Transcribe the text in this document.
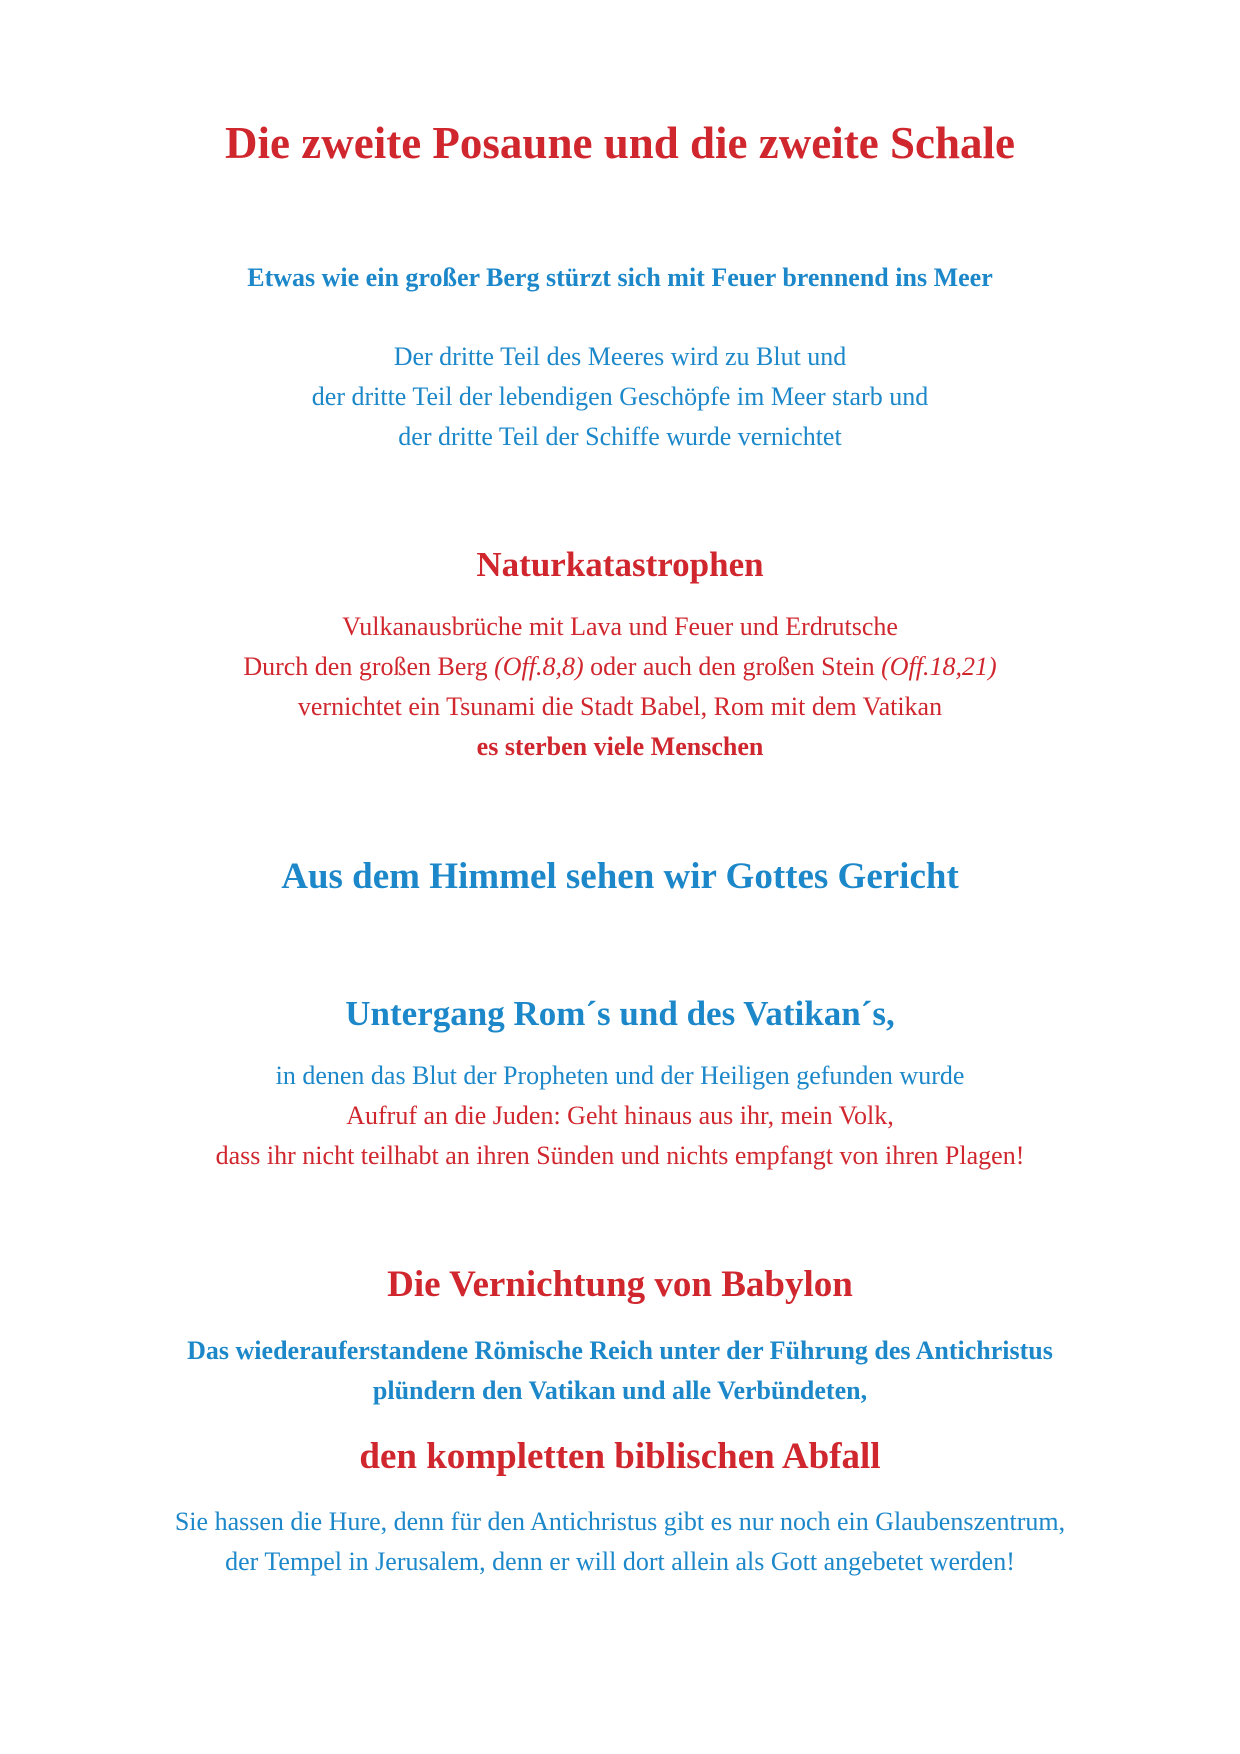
Die zweite Posaune und die zweite Schale
Etwas wie ein großer Berg stürzt sich mit Feuer brennend ins Meer
Der dritte Teil des Meeres wird zu Blut und
der dritte Teil der lebendigen Geschöpfe im Meer starb und
der dritte Teil der Schiffe wurde vernichtet
Naturkatastrophen
Vulkanausbrüche mit Lava und Feuer und Erdrutsche
Durch den großen Berg (Off.8,8) oder auch den großen Stein (Off.18,21)
vernichtet ein Tsunami die Stadt Babel, Rom mit dem Vatikan
es sterben viele Menschen
Aus dem Himmel sehen wir Gottes Gericht
Untergang Rom´s und des Vatikan´s,
in denen das Blut der Propheten und der Heiligen gefunden wurde
Aufruf an die Juden: Geht hinaus aus ihr, mein Volk,
dass ihr nicht teilhabt an ihren Sünden und nichts empfangt von ihren Plagen!
Die Vernichtung von Babylon
Das wiederauferstandene Römische Reich unter der Führung des Antichristus
plündern den Vatikan und alle Verbündeten,
den kompletten biblischen Abfall
Sie hassen die Hure, denn für den Antichristus gibt es nur noch ein Glaubenszentrum,
der Tempel in Jerusalem, denn er will dort allein als Gott angebetet werden!
